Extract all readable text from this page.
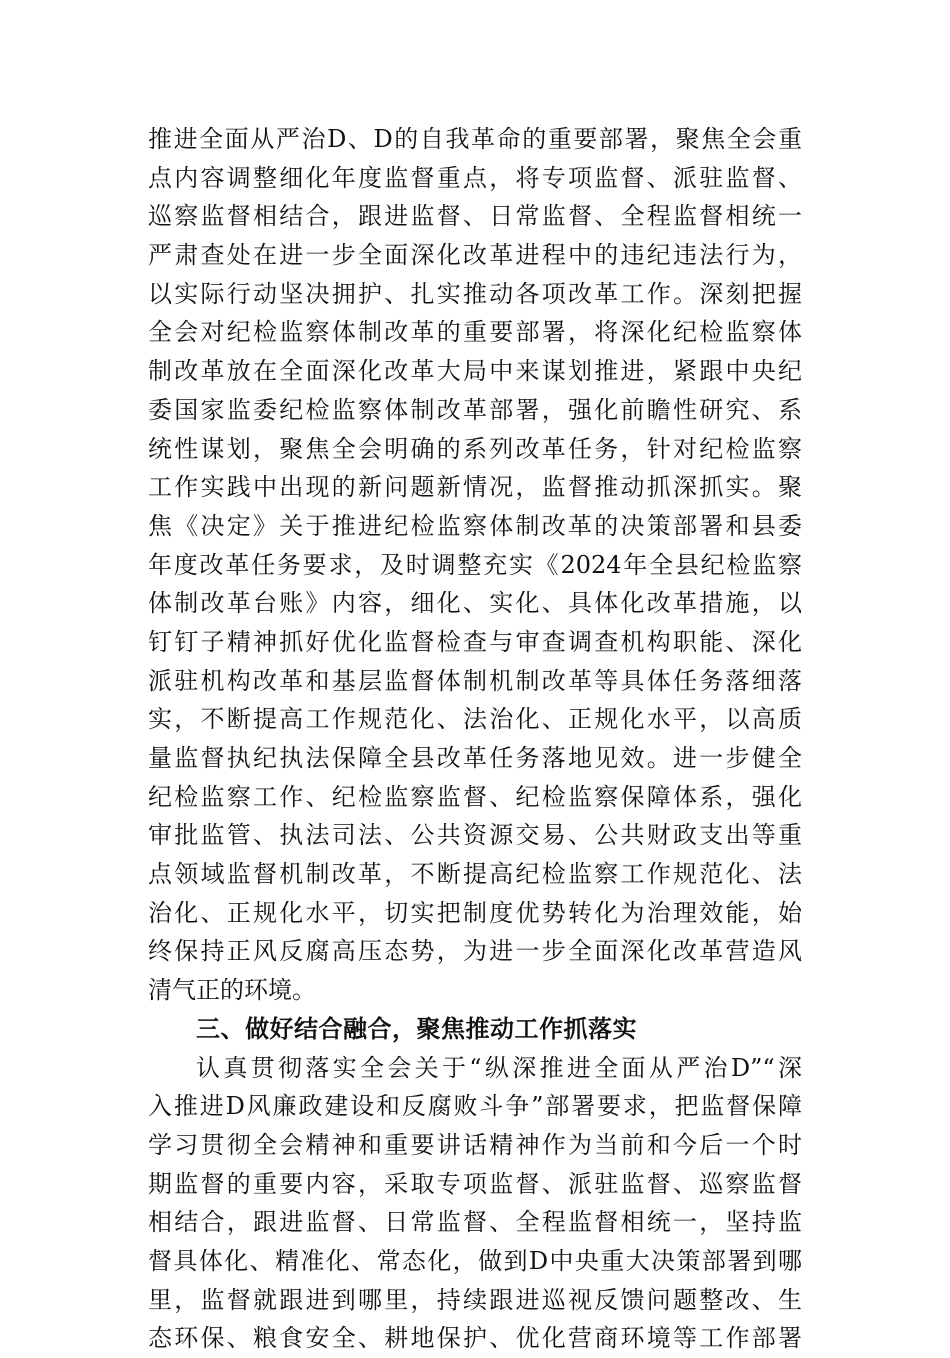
推进全面从严治D、D的自我革命的重要部署，聚焦全会重
点内容调整细化年度监督重点，将专项监督、派驻监督、
巡察监督相结合，跟进监督、日常监督、全程监督相统一
严肃查处在进一步全面深化改革进程中的违纪违法行为，
以实际行动坚决拥护、扎实推动各项改革工作。深刻把握
全会对纪检监察体制改革的重要部署，将深化纪检监察体
制改革放在全面深化改革大局中来谋划推进，紧跟中央纪
委国家监委纪检监察体制改革部署，强化前瞻性研究、系
统性谋划，聚焦全会明确的系列改革任务，针对纪检监察
工作实践中出现的新问题新情况，监督推动抓深抓实。聚
焦《决定》关于推进纪检监察体制改革的决策部署和县委
年度改革任务要求，及时调整充实《2024年全县纪检监察
体制改革台账》内容，细化、实化、具体化改革措施，以
钉钉子精神抓好优化监督检查与审查调查机构职能、深化
派驻机构改革和基层监督体制机制改革等具体任务落细落
实，不断提高工作规范化、法治化、正规化水平，以高质
量监督执纪执法保障全县改革任务落地见效。进一步健全
纪检监察工作、纪检监察监督、纪检监察保障体系，强化
审批监管、执法司法、公共资源交易、公共财政支出等重
点领域监督机制改革，不断提高纪检监察工作规范化、法
治化、正规化水平，切实把制度优势转化为治理效能，始
终保持正风反腐高压态势，为进一步全面深化改革营造风
清气正的环境。
三、做好结合融合，聚焦推动工作抓落实
认真贯彻落实全会关于“纵深推进全面从严治D”“深
入推进D风廉政建设和反腐败斗争”部署要求，把监督保障
学习贯彻全会精神和重要讲话精神作为当前和今后一个时
期监督的重要内容，采取专项监督、派驻监督、巡察监督
相结合，跟进监督、日常监督、全程监督相统一，坚持监
督具体化、精准化、常态化，做到D中央重大决策部署到哪
里，监督就跟进到哪里，持续跟进巡视反馈问题整改、生
态环保、粮食安全、耕地保护、优化营商环境等工作部署
